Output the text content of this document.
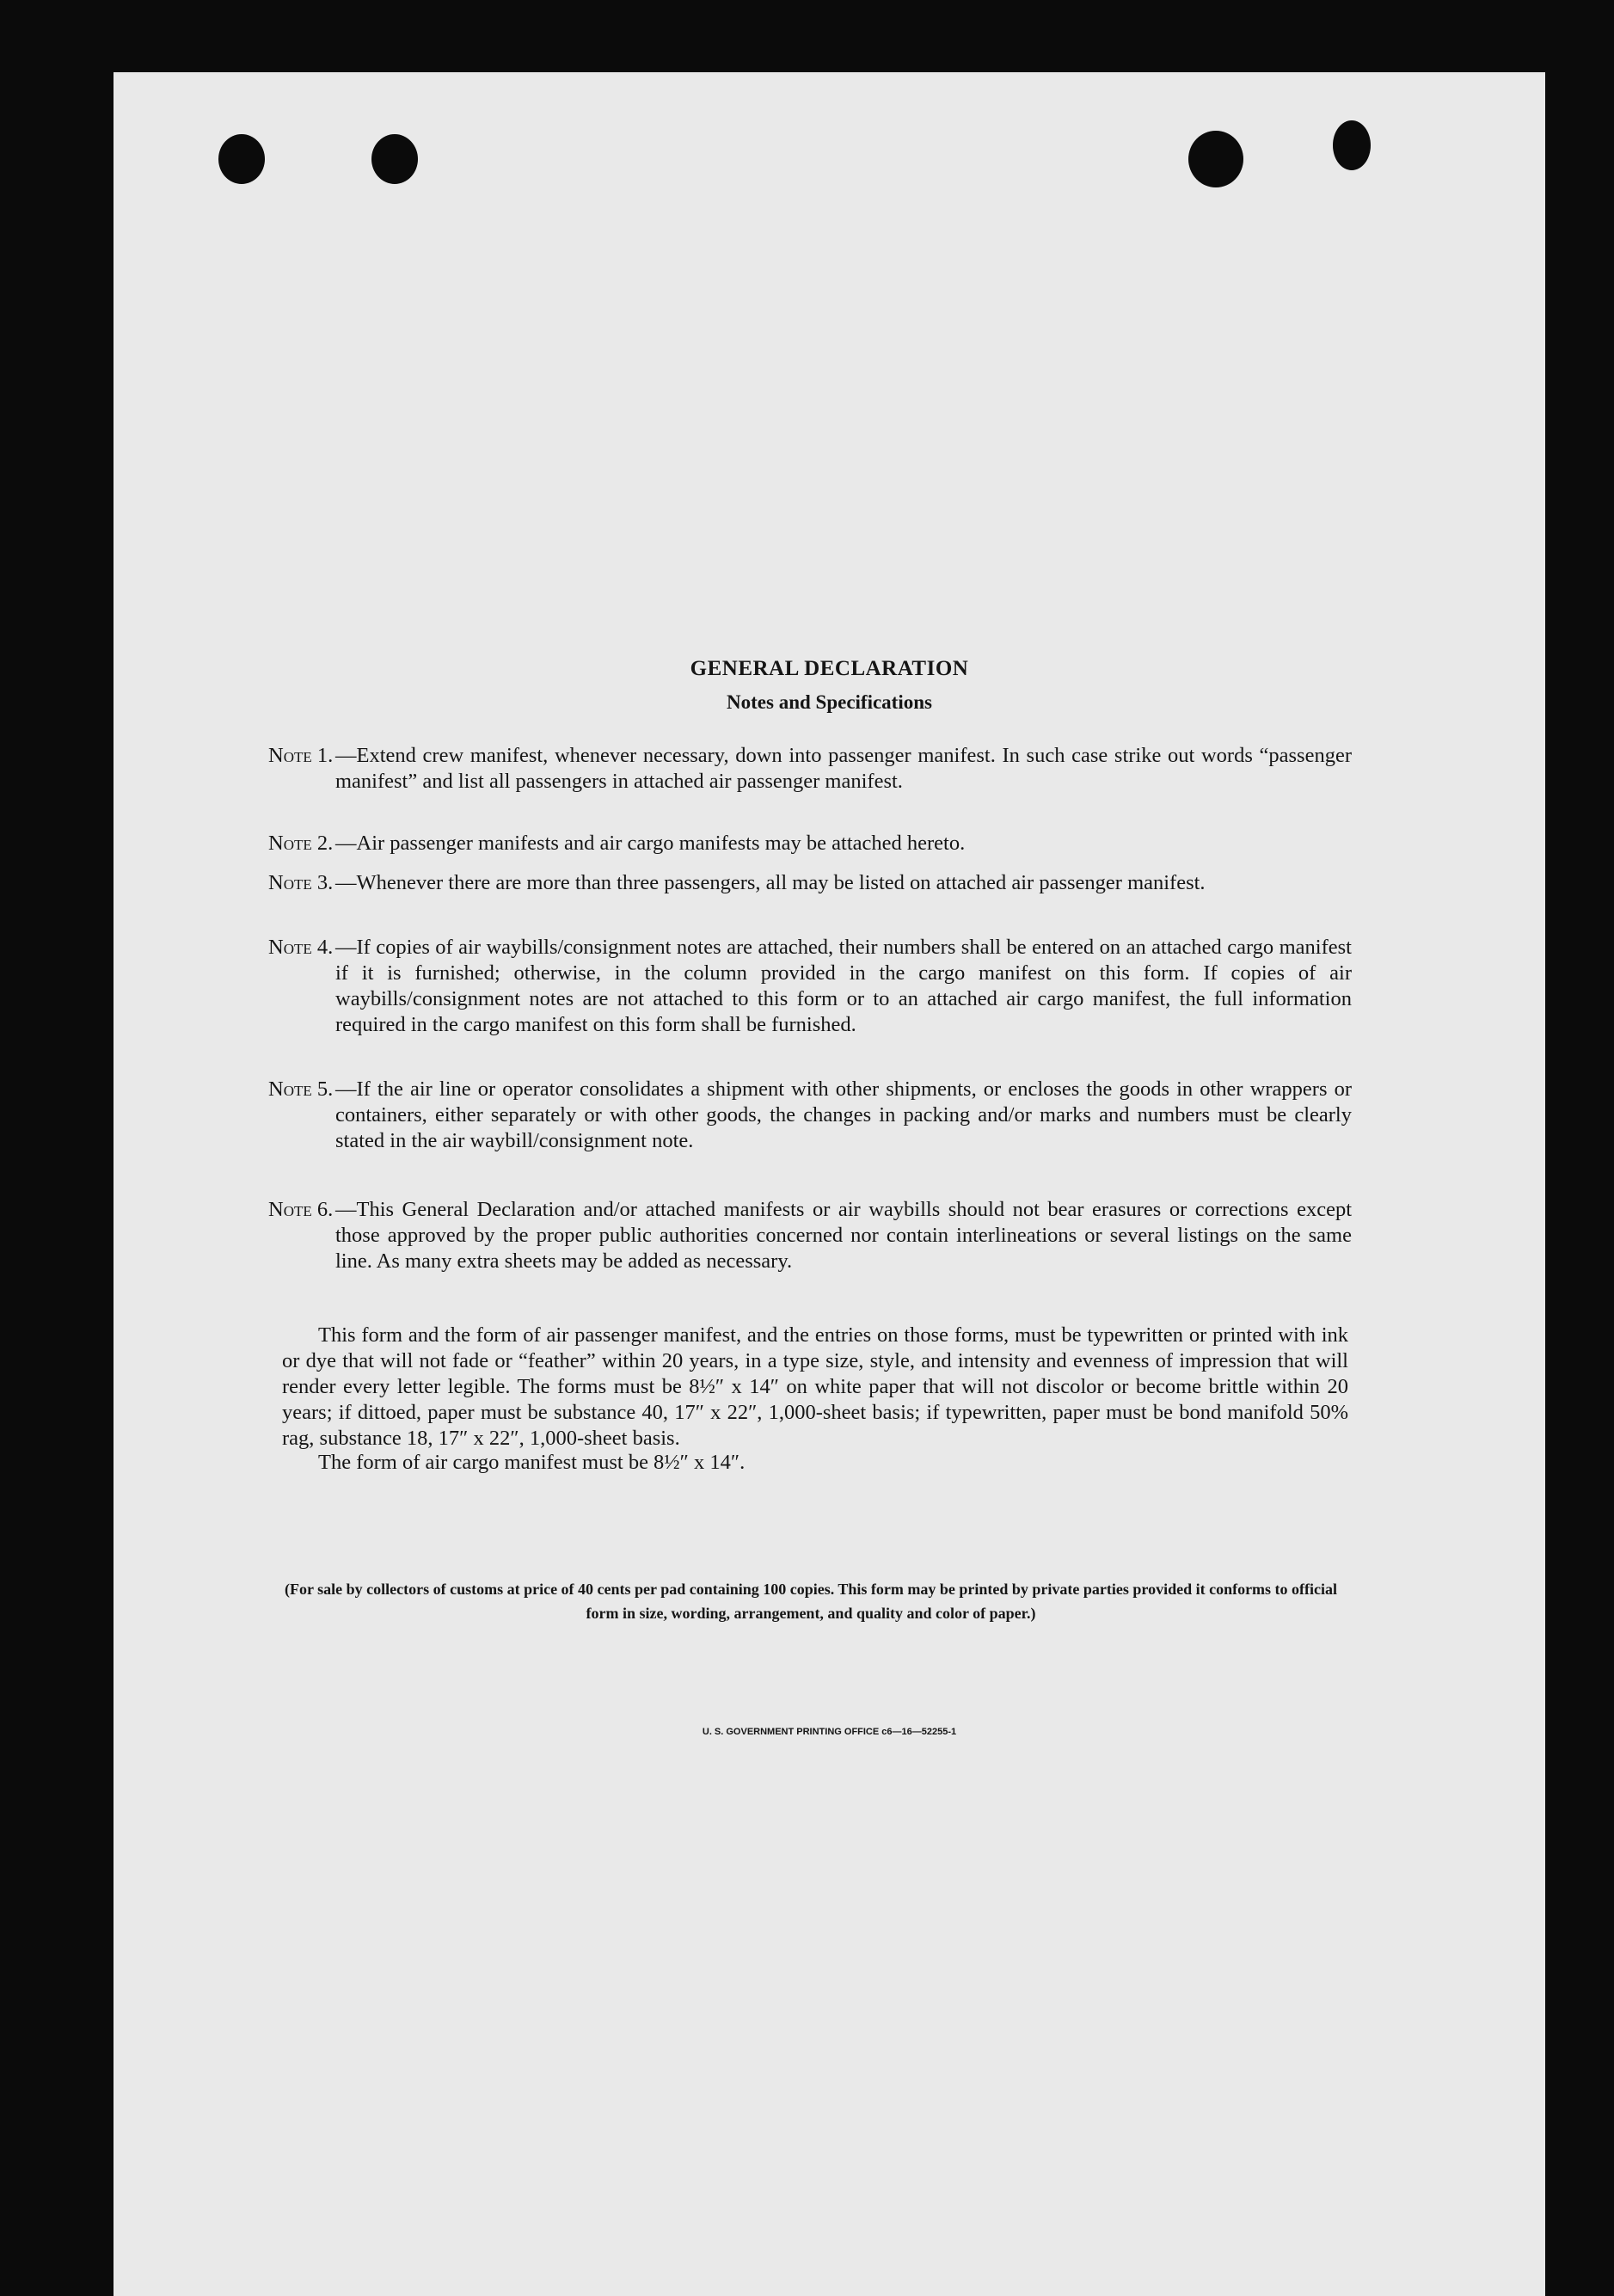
GENERAL DECLARATION
Notes and Specifications
Note 1. —Extend crew manifest, whenever necessary, down into passenger manifest. In such case strike out words “passenger manifest” and list all passengers in attached air passenger manifest.
Note 2. —Air passenger manifests and air cargo manifests may be attached hereto.
Note 3. —Whenever there are more than three passengers, all may be listed on attached air passenger manifest.
Note 4. —If copies of air waybills/consignment notes are attached, their numbers shall be entered on an attached cargo manifest if it is furnished; otherwise, in the column provided in the cargo manifest on this form. If copies of air waybills/consignment notes are not attached to this form or to an attached air cargo manifest, the full information required in the cargo manifest on this form shall be furnished.
Note 5. —If the air line or operator consolidates a shipment with other shipments, or encloses the goods in other wrappers or containers, either separately or with other goods, the changes in packing and/or marks and numbers must be clearly stated in the air waybill/consignment note.
Note 6. —This General Declaration and/or attached manifests or air waybills should not bear erasures or corrections except those approved by the proper public authorities concerned nor contain interlineations or several listings on the same line. As many extra sheets may be added as necessary.
This form and the form of air passenger manifest, and the entries on those forms, must be typewritten or printed with ink or dye that will not fade or “feather” within 20 years, in a type size, style, and intensity and evenness of impression that will render every letter legible. The forms must be 8½″ x 14″ on white paper that will not discolor or become brittle within 20 years; if dittoed, paper must be substance 40, 17″ x 22″, 1,000-sheet basis; if typewritten, paper must be bond manifold 50% rag, substance 18, 17″ x 22″, 1,000-sheet basis.
The form of air cargo manifest must be 8½″ x 14″.
(For sale by collectors of customs at price of 40 cents per pad containing 100 copies. This form may be printed by private parties provided it conforms to official form in size, wording, arrangement, and quality and color of paper.)
U. S. GOVERNMENT PRINTING OFFICE c6—16—52255-1
